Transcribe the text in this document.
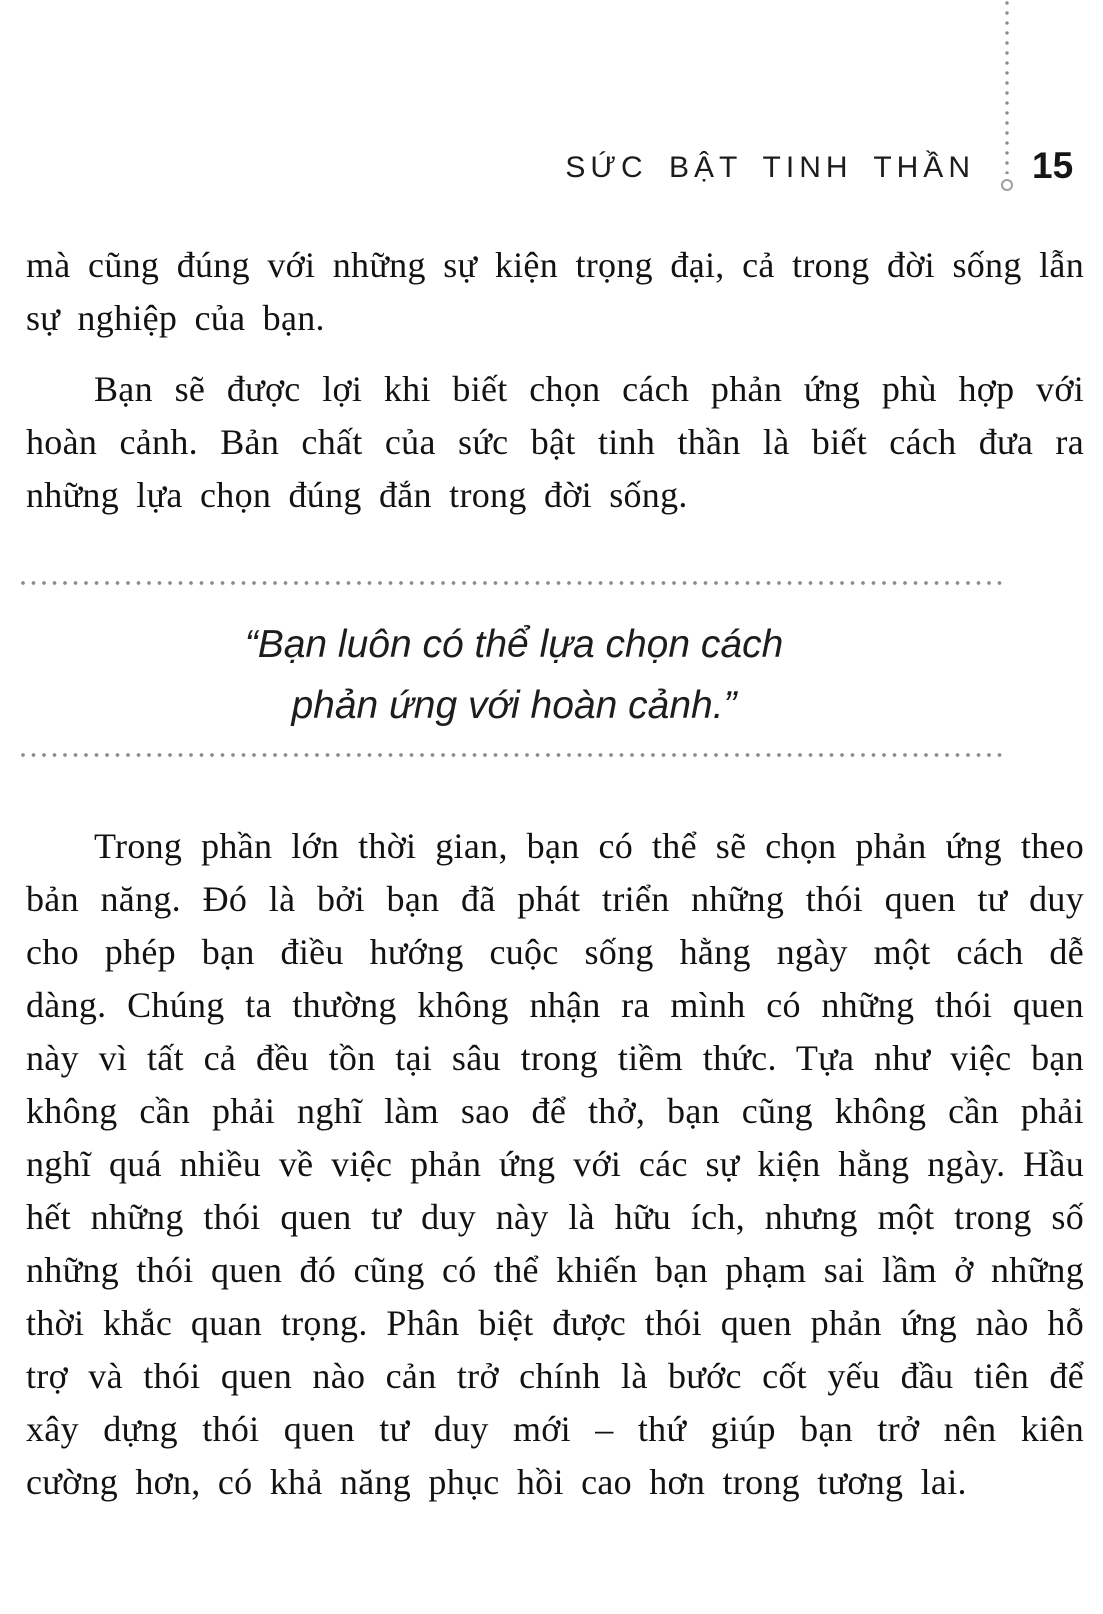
SỨC BẬT TINH THẦN 15

mà cũng đúng với những sự kiện trọng đại, cả trong đời sống lẫn sự nghiệp của bạn.

Bạn sẽ được lợi khi biết chọn cách phản ứng phù hợp với hoàn cảnh. Bản chất của sức bật tinh thần là biết cách đưa ra những lựa chọn đúng đắn trong đời sống.

“Bạn luôn có thể lựa chọn cách
phản ứng với hoàn cảnh.”

Trong phần lớn thời gian, bạn có thể sẽ chọn phản ứng theo bản năng. Đó là bởi bạn đã phát triển những thói quen tư duy cho phép bạn điều hướng cuộc sống hằng ngày một cách dễ dàng. Chúng ta thường không nhận ra mình có những thói quen này vì tất cả đều tồn tại sâu trong tiềm thức. Tựa như việc bạn không cần phải nghĩ làm sao để thở, bạn cũng không cần phải nghĩ quá nhiều về việc phản ứng với các sự kiện hằng ngày. Hầu hết những thói quen tư duy này là hữu ích, nhưng một trong số những thói quen đó cũng có thể khiến bạn phạm sai lầm ở những thời khắc quan trọng. Phân biệt được thói quen phản ứng nào hỗ trợ và thói quen nào cản trở chính là bước cốt yếu đầu tiên để xây dựng thói quen tư duy mới – thứ giúp bạn trở nên kiên cường hơn, có khả năng phục hồi cao hơn trong tương lai.
